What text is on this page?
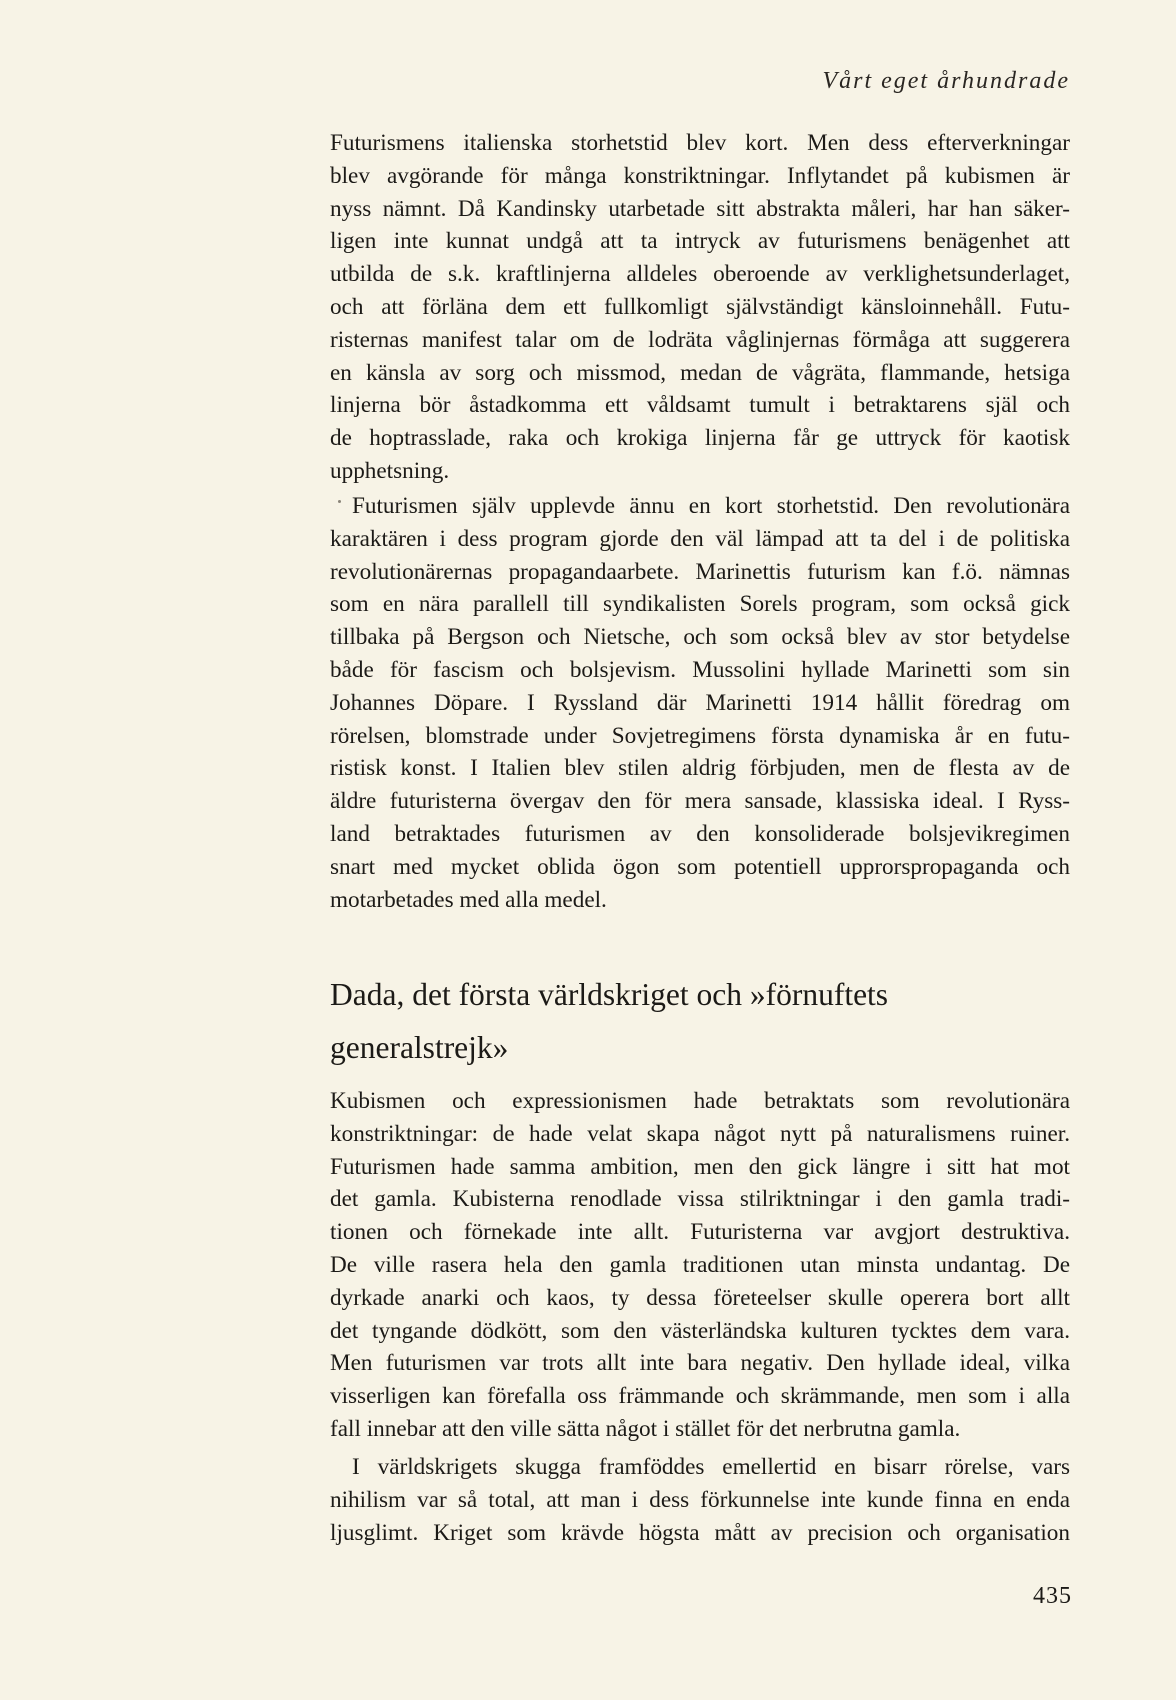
Vårt eget århundrade

Futurismens italienska storhetstid blev kort. Men dess efterverkningar

blev avgörande för många konstriktningar. Inflytandet på kubismen är

nyss nämnt. Då Kandinsky utarbetade sitt abstrakta måleri, har han säker-

ligen inte kunnat undgå att ta intryck av futurismens benägenhet att

utbilda de s.k. kraftlinjerna alldeles oberoende av verklighetsunderlaget,

och att förläna dem ett fullkomligt självständigt känsloinnehåll. Futu-

risternas manifest talar om de lodräta våglinjernas förmåga att suggerera

en känsla av sorg och missmod, medan de vågräta, flammande, hetsiga

linjerna bör åstadkomma ett våldsamt tumult i betraktarens själ och

de hoptrasslade, raka och krokiga linjerna får ge uttryck för kaotisk

upphetsning.

Futurismen själv upplevde ännu en kort storhetstid. Den revolutionära

karaktären i dess program gjorde den väl lämpad att ta del i de politiska

revolutionärernas propagandaarbete. Marinettis futurism kan f.ö. nämnas

som en nära parallell till syndikalisten Sorels program, som också gick

tillbaka på Bergson och Nietsche, och som också blev av stor betydelse

både för fascism och bolsjevism. Mussolini hyllade Marinetti som sin

Johannes Döpare. I Ryssland där Marinetti 1914 hållit föredrag om

rörelsen, blomstrade under Sovjetregimens första dynamiska år en futu-

ristisk konst. I Italien blev stilen aldrig förbjuden, men de flesta av de

äldre futuristerna övergav den för mera sansade, klassiska ideal. I Ryss-

land betraktades futurismen av den konsoliderade bolsjevikregimen

snart med mycket oblida ögon som potentiell upprorspropaganda och

motarbetades med alla medel.

Dada, det första världskriget och »förnuftets
generalstrejk»

Kubismen och expressionismen hade betraktats som revolutionära

konstriktningar: de hade velat skapa något nytt på naturalismens ruiner.

Futurismen hade samma ambition, men den gick längre i sitt hat mot

det gamla. Kubisterna renodlade vissa stilriktningar i den gamla tradi-

tionen och förnekade inte allt. Futuristerna var avgjort destruktiva.

De ville rasera hela den gamla traditionen utan minsta undantag. De

dyrkade anarki och kaos, ty dessa företeelser skulle operera bort allt

det tyngande dödkött, som den västerländska kulturen tycktes dem vara.

Men futurismen var trots allt inte bara negativ. Den hyllade ideal, vilka

visserligen kan förefalla oss främmande och skrämmande, men som i alla

fall innebar att den ville sätta något i stället för det nerbrutna gamla.

I världskrigets skugga framföddes emellertid en bisarr rörelse, vars

nihilism var så total, att man i dess förkunnelse inte kunde finna en enda

ljusglimt. Kriget som krävde högsta mått av precision och organisation

435
